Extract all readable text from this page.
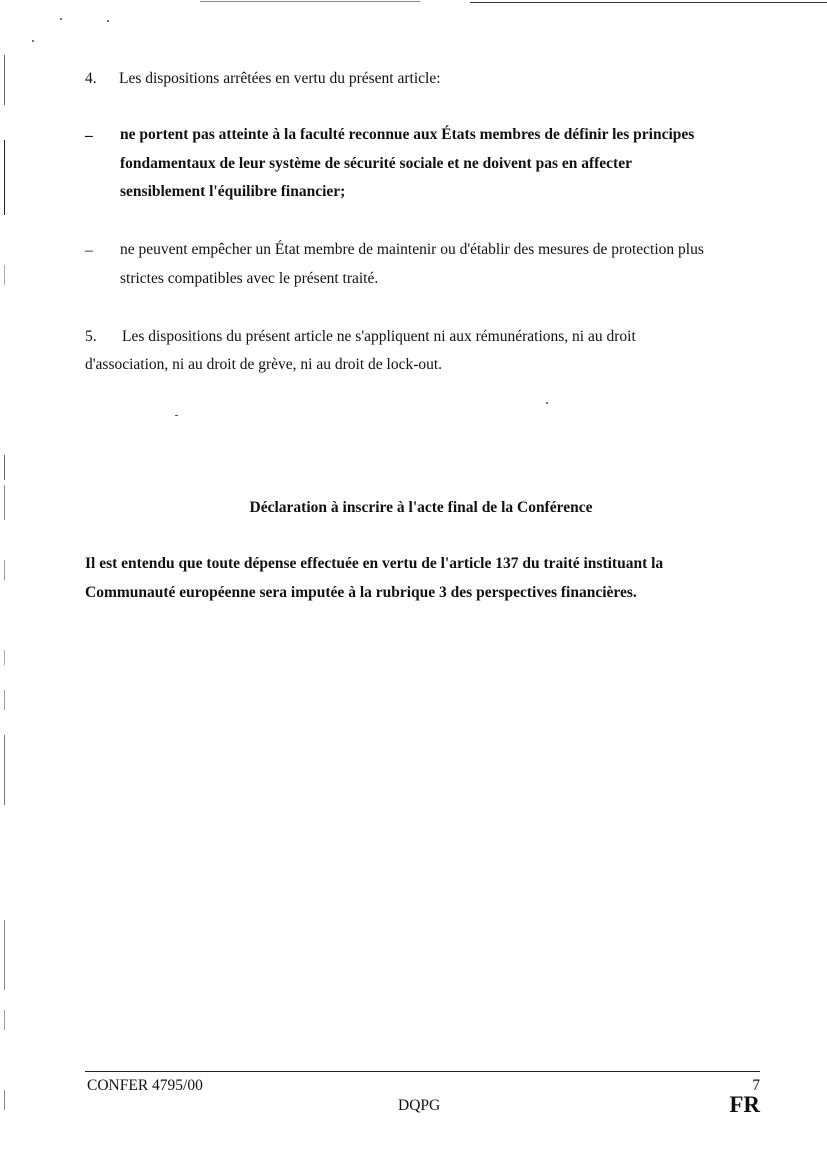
4. Les dispositions arrêtées en vertu du présent article:
– ne portent pas atteinte à la faculté reconnue aux États membres de définir les principes
fondamentaux de leur système de sécurité sociale et ne doivent pas en affecter
sensiblement l'équilibre financier;
– ne peuvent empêcher un État membre de maintenir ou d'établir des mesures de protection plus
strictes compatibles avec le présent traité.
5. Les dispositions du présent article ne s'appliquent ni aux rémunérations, ni au droit
d'association, ni au droit de grève, ni au droit de lock-out.
Déclaration à inscrire à l'acte final de la Conférence
Il est entendu que toute dépense effectuée en vertu de l'article 137 du traité instituant la
Communauté européenne sera imputée à la rubrique 3 des perspectives financières.
CONFER 4795/00
DQPG
7
FR
